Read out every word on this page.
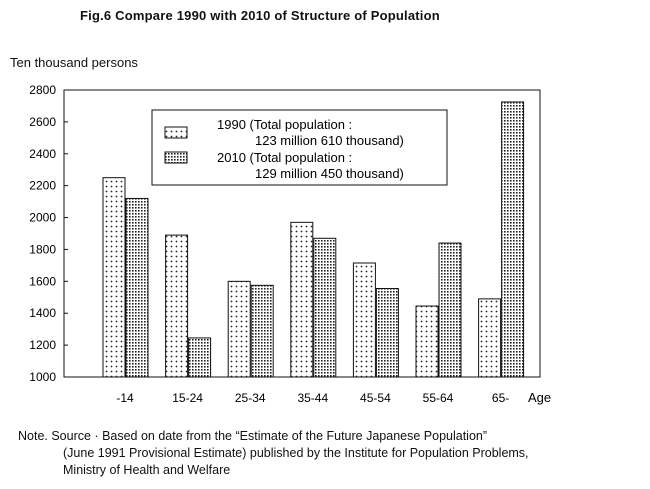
Fig.6 Compare 1990 with 2010 of Structure of Population
Ten thousand persons
1000
1200
1400
1600
1800
2000
2200
2400
2600
2800
-14	15-24	25-34	35-44	45-54	55-64	65- Age
1990 (Total population :
123 million 610 thousand)
2010 (Total population :
129 million 450 thousand)
Note. Source · Based on date from the “Estimate of the Future Japanese Population”
(June 1991 Provisional Estimate) published by the Institute for Population Problems,
Ministry of Health and Welfare
